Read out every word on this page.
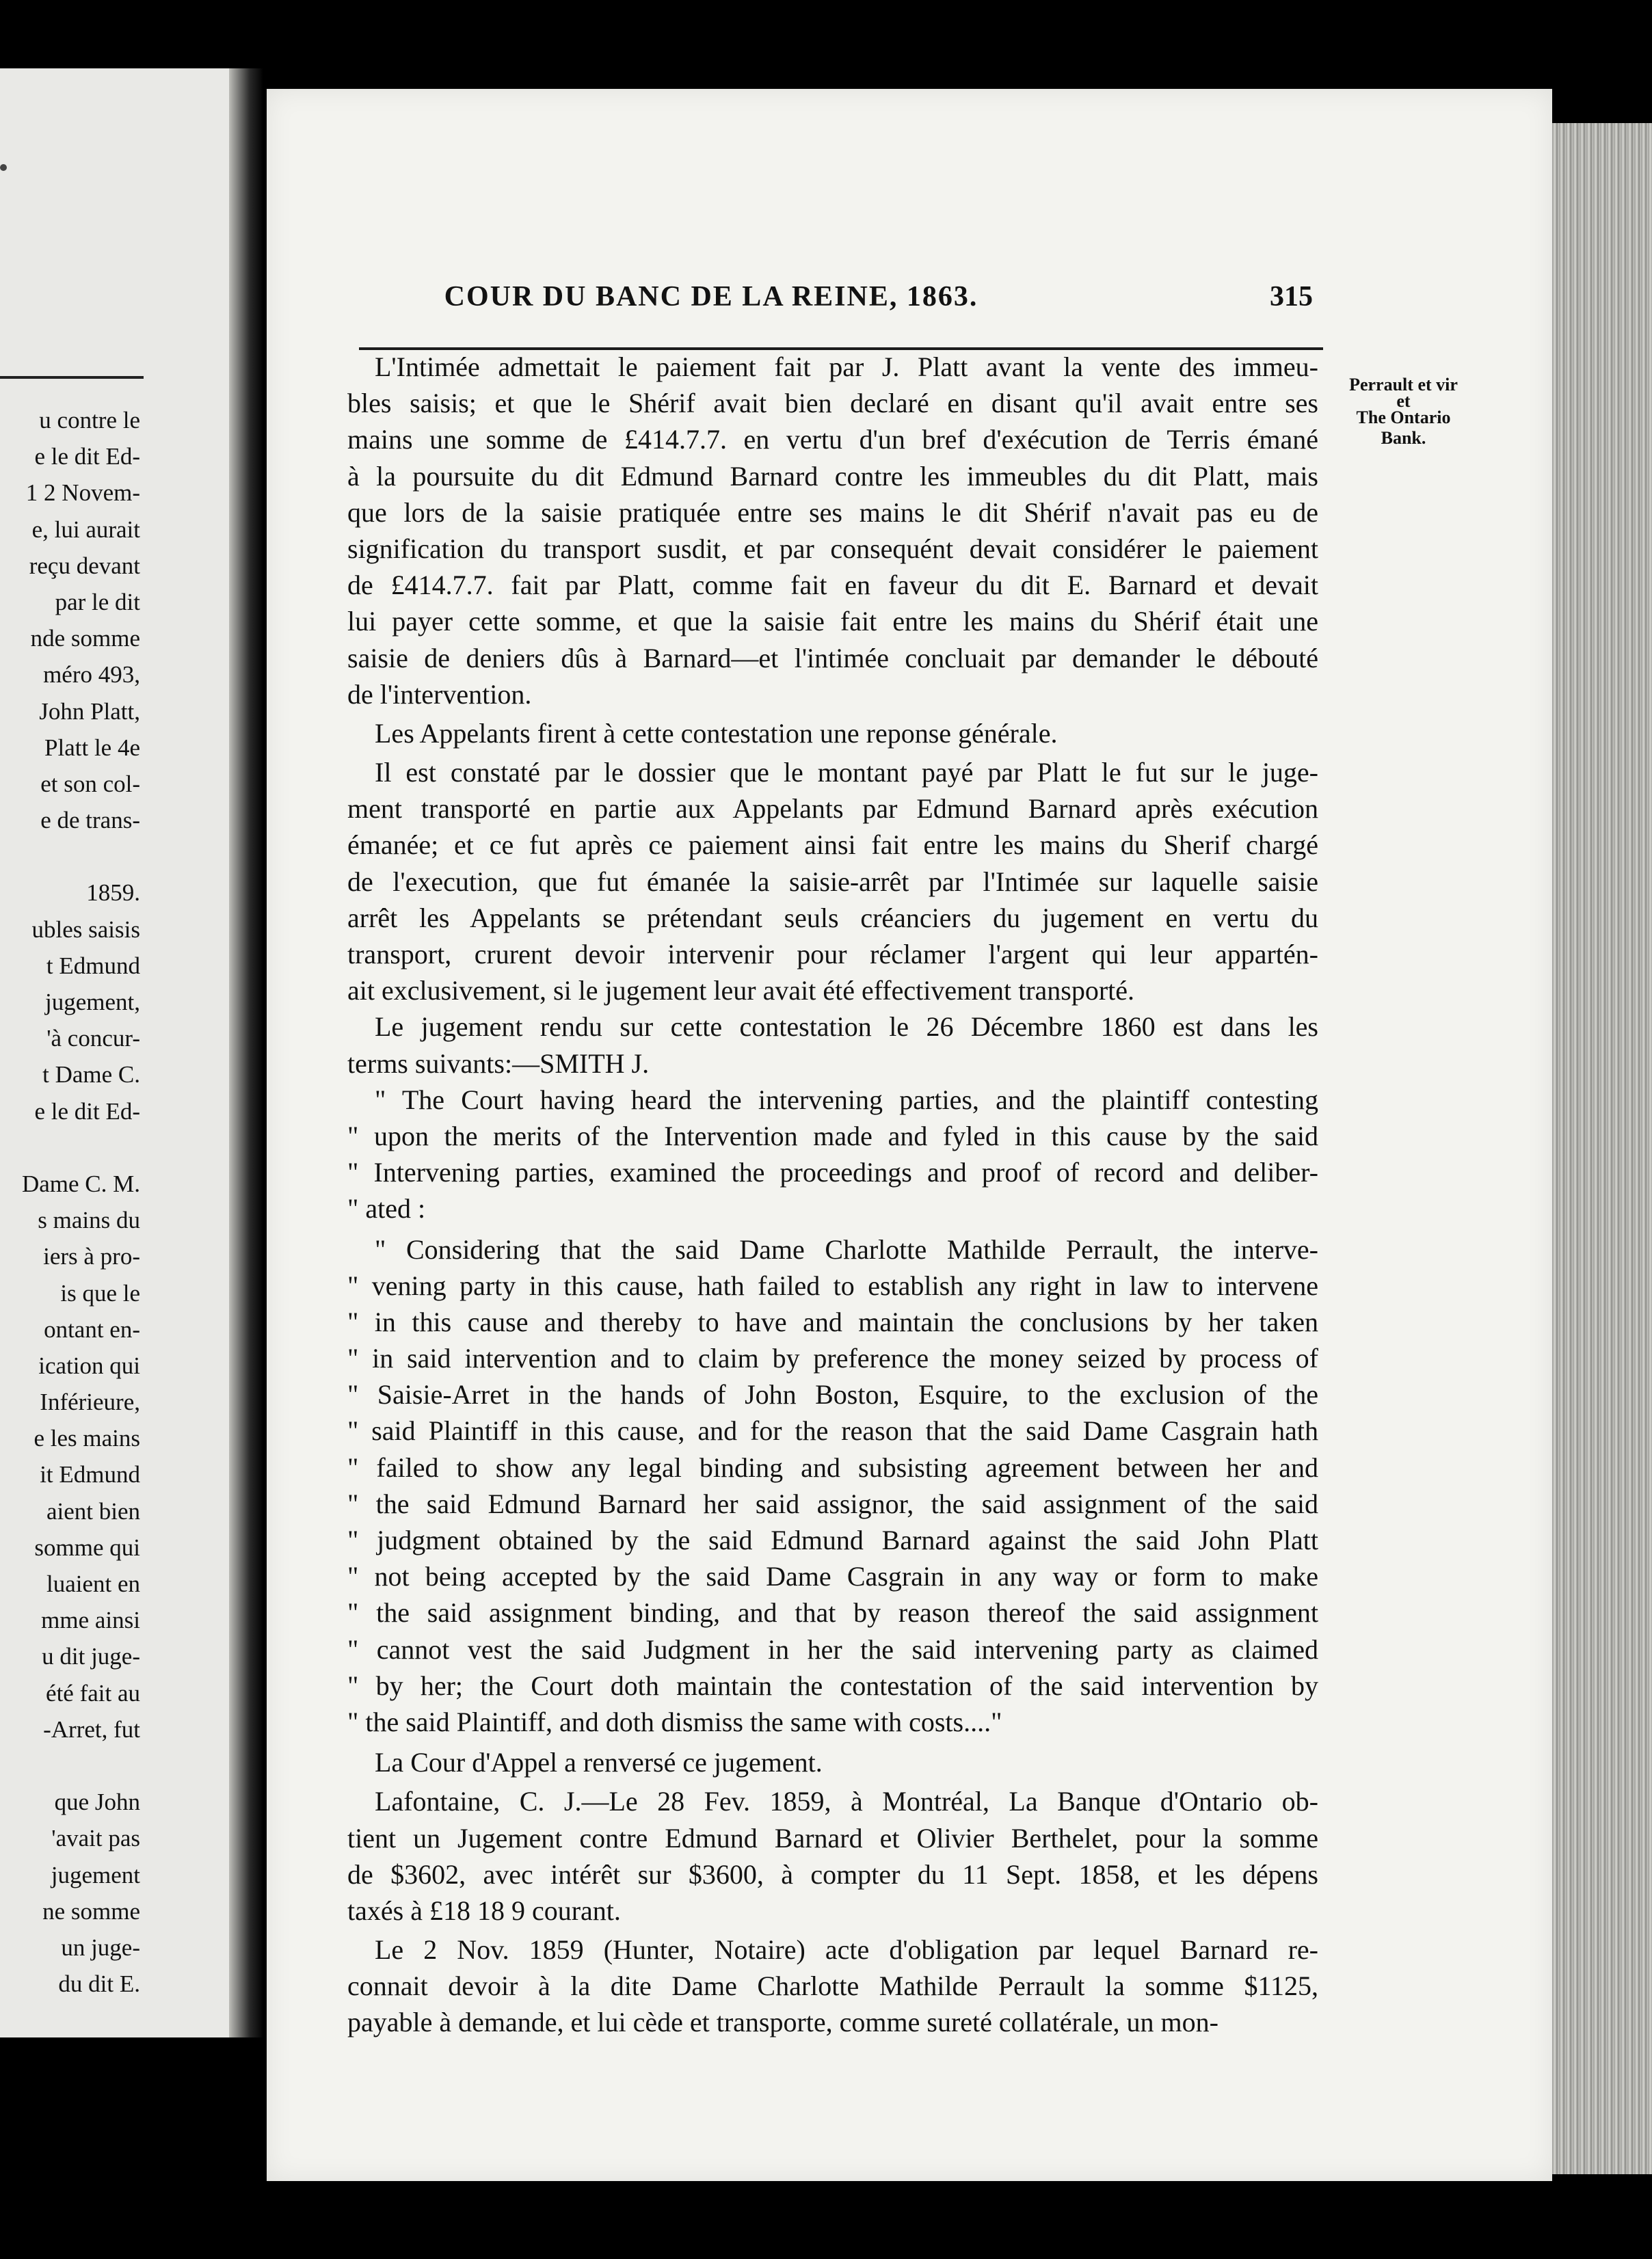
u contre le
e le dit Ed-
1 2 Novem-
e, lui aurait
reçu devant
par le dit
nde somme
méro 493,
John Platt,
Platt le 4e
et son col-
e de trans-
1859.
ubles saisis
t Edmund
jugement,
'à concur-
t Dame C.
e le dit Ed-
Dame C. M.
s mains du
iers à pro-
is que le
ontant en-
ication qui
Inférieure,
e les mains
it Edmund
aient bien
somme qui
luaient en
mme ainsi
u dit juge-
été fait au
-Arret, fut
que John
'avait pas
jugement
ne somme
un juge-
du dit E.
COUR DU BANC DE LA REINE, 1863.	315
Perrault et vir
et
The Ontario
Bank.
L'Intimée admettait le paiement fait par J. Platt avant la vente des immeu-
bles saisis; et que le Shérif avait bien declaré en disant qu'il avait entre ses
mains une somme de £414.7.7. en vertu d'un bref d'exécution de Terris émané
à la poursuite du dit Edmund Barnard contre les immeubles du dit Platt, mais
que lors de la saisie pratiquée entre ses mains le dit Shérif n'avait pas eu de
signification du transport susdit, et par consequént devait considérer le paiement
de £414.7.7. fait par Platt, comme fait en faveur du dit E. Barnard et devait
lui payer cette somme, et que la saisie fait entre les mains du Shérif était une
saisie de deniers dûs à Barnard—et l'intimée concluait par demander le débouté
de l'intervention.
Les Appelants firent à cette contestation une reponse générale.
Il est constaté par le dossier que le montant payé par Platt le fut sur le juge-
ment transporté en partie aux Appelants par Edmund Barnard après exécution
émanée; et ce fut après ce paiement ainsi fait entre les mains du Sherif chargé
de l'execution, que fut émanée la saisie-arrêt par l'Intimée sur laquelle saisie
arrêt les Appelants se prétendant seuls créanciers du jugement en vertu du
transport, crurent devoir intervenir pour réclamer l'argent qui leur appartén-
ait exclusivement, si le jugement leur avait été effectivement transporté.
Le jugement rendu sur cette contestation le 26 Décembre 1860 est dans les
terms suivants:—SMITH J.
" The Court having heard the intervening parties, and the plaintiff contesting
" upon the merits of the Intervention made and fyled in this cause by the said
" Intervening parties, examined the proceedings and proof of record and deliber-
" ated :
" Considering that the said Dame Charlotte Mathilde Perrault, the interve-
" vening party in this cause, hath failed to establish any right in law to intervene
" in this cause and thereby to have and maintain the conclusions by her taken
" in said intervention and to claim by preference the money seized by process of
" Saisie-Arret in the hands of John Boston, Esquire, to the exclusion of the
" said Plaintiff in this cause, and for the reason that the said Dame Casgrain hath
" failed to show any legal binding and subsisting agreement between her and
" the said Edmund Barnard her said assignor, the said assignment of the said
" judgment obtained by the said Edmund Barnard against the said John Platt
" not being accepted by the said Dame Casgrain in any way or form to make
" the said assignment binding, and that by reason thereof the said assignment
" cannot vest the said Judgment in her the said intervening party as claimed
" by her; the Court doth maintain the contestation of the said intervention by
" the said Plaintiff, and doth dismiss the same with costs...."
La Cour d'Appel a renversé ce jugement.
Lafontaine, C. J.—Le 28 Fev. 1859, à Montréal, La Banque d'Ontario ob-
tient un Jugement contre Edmund Barnard et Olivier Berthelet, pour la somme
de $3602, avec intérêt sur $3600, à compter du 11 Sept. 1858, et les dépens
taxés à £18 18 9 courant.
Le 2 Nov. 1859 (Hunter, Notaire) acte d'obligation par lequel Barnard re-
connait devoir à la dite Dame Charlotte Mathilde Perrault la somme $1125,
payable à demande, et lui cède et transporte, comme sureté collatérale, un mon-
